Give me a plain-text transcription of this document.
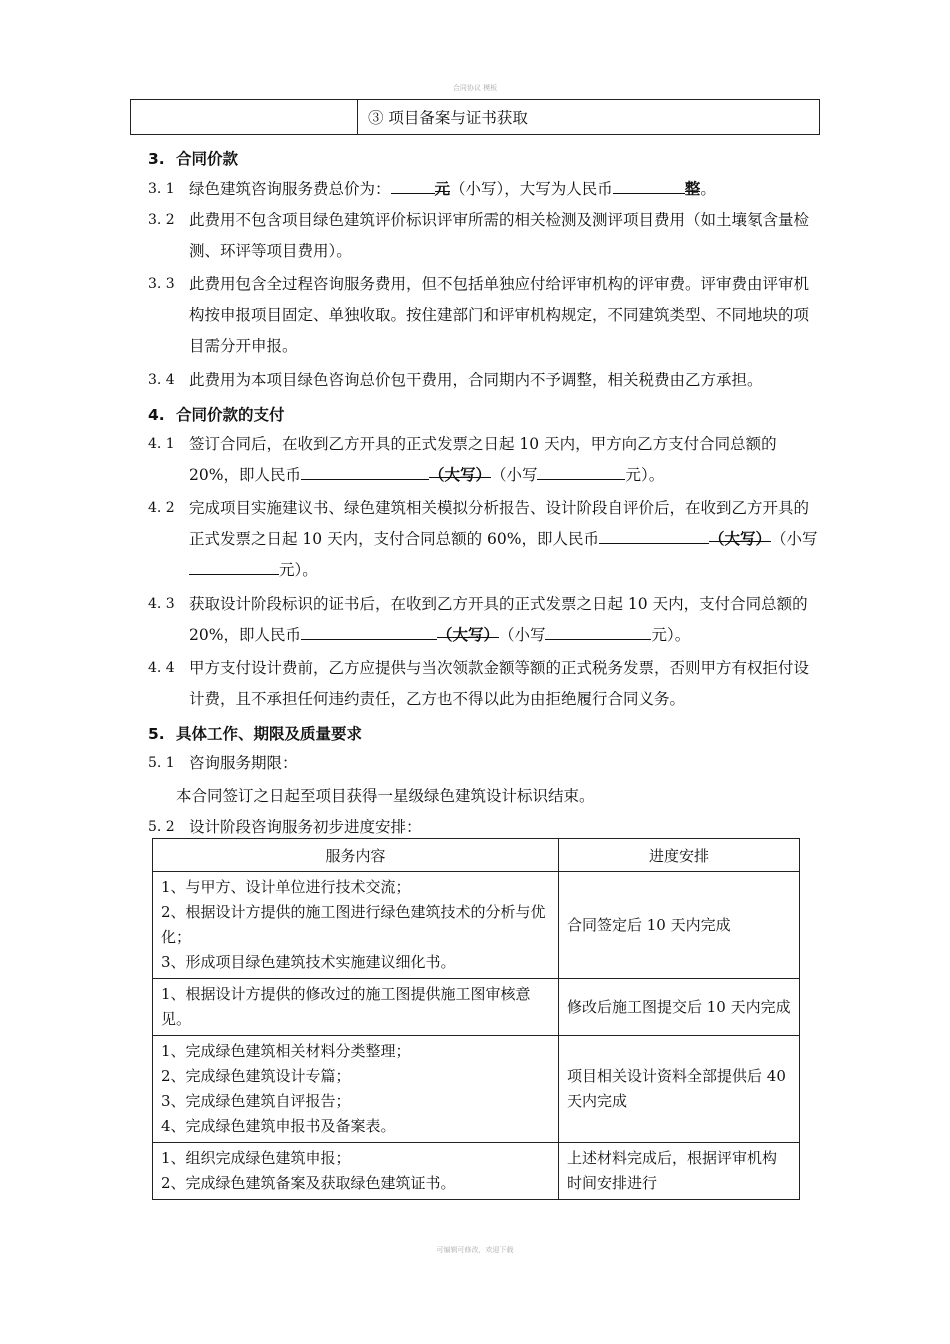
合同协议 模板
	③ 项目备案与证书获取
3. 合同价款
3. 1 绿色建筑咨询服务费总价为：	元（小写），大写为人民币	整。
3. 2 此费用不包含项目绿色建筑评价标识评审所需的相关检测及测评项目费用（如土壤氡含量检测、环评等项目费用）。
3. 3 此费用包含全过程咨询服务费用，但不包括单独应付给评审机构的评审费。评审费由评审机构按申报项目固定、单独收取。按住建部门和评审机构规定，不同建筑类型、不同地块的项目需分开申报。
3. 4 此费用为本项目绿色咨询总价包干费用，合同期内不予调整，相关税费由乙方承担。
4. 合同价款的支付
4. 1 签订合同后，在收到乙方开具的正式发票之日起 10 天内，甲方向乙方支付合同总额的 20%，即人民币	（大写）（小写	元）。
4. 2 完成项目实施建议书、绿色建筑相关模拟分析报告、设计阶段自评价后，在收到乙方开具的正式发票之日起 10 天内，支付合同总额的 60%，即人民币	（大写）（小写元）。
4. 3 获取设计阶段标识的证书后，在收到乙方开具的正式发票之日起 10 天内，支付合同总额的 20%，即人民币	（大写）（小写	元）。
4. 4 甲方支付设计费前，乙方应提供与当次领款金额等额的正式税务发票，否则甲方有权拒付设计费，且不承担任何违约责任，乙方也不得以此为由拒绝履行合同义务。
5. 具体工作、期限及质量要求
5. 1 咨询服务期限：
本合同签订之日起至项目获得一星级绿色建筑设计标识结束。
5. 2 设计阶段咨询服务初步进度安排：
服务内容	进度安排

1、与甲方、设计单位进行技术交流；
2、根据设计方提供的施工图进行绿色建筑技术的分析与优化；
3、形成项目绿色建筑技术实施建议细化书。	合同签定后 10 天内完成

1、根据设计方提供的修改过的施工图提供施工图审核意见。	修改后施工图提交后 10 天内完成

1、完成绿色建筑相关材料分类整理；
2、完成绿色建筑设计专篇；
3、完成绿色建筑自评报告；
4、完成绿色建筑申报书及备案表。	项目相关设计资料全部提供后 40 天内完成

1、组织完成绿色建筑申报；
2、完成绿色建筑备案及获取绿色建筑证书。	上述材料完成后，根据评审机构时间安排进行
可编辑可修改，欢迎下载
